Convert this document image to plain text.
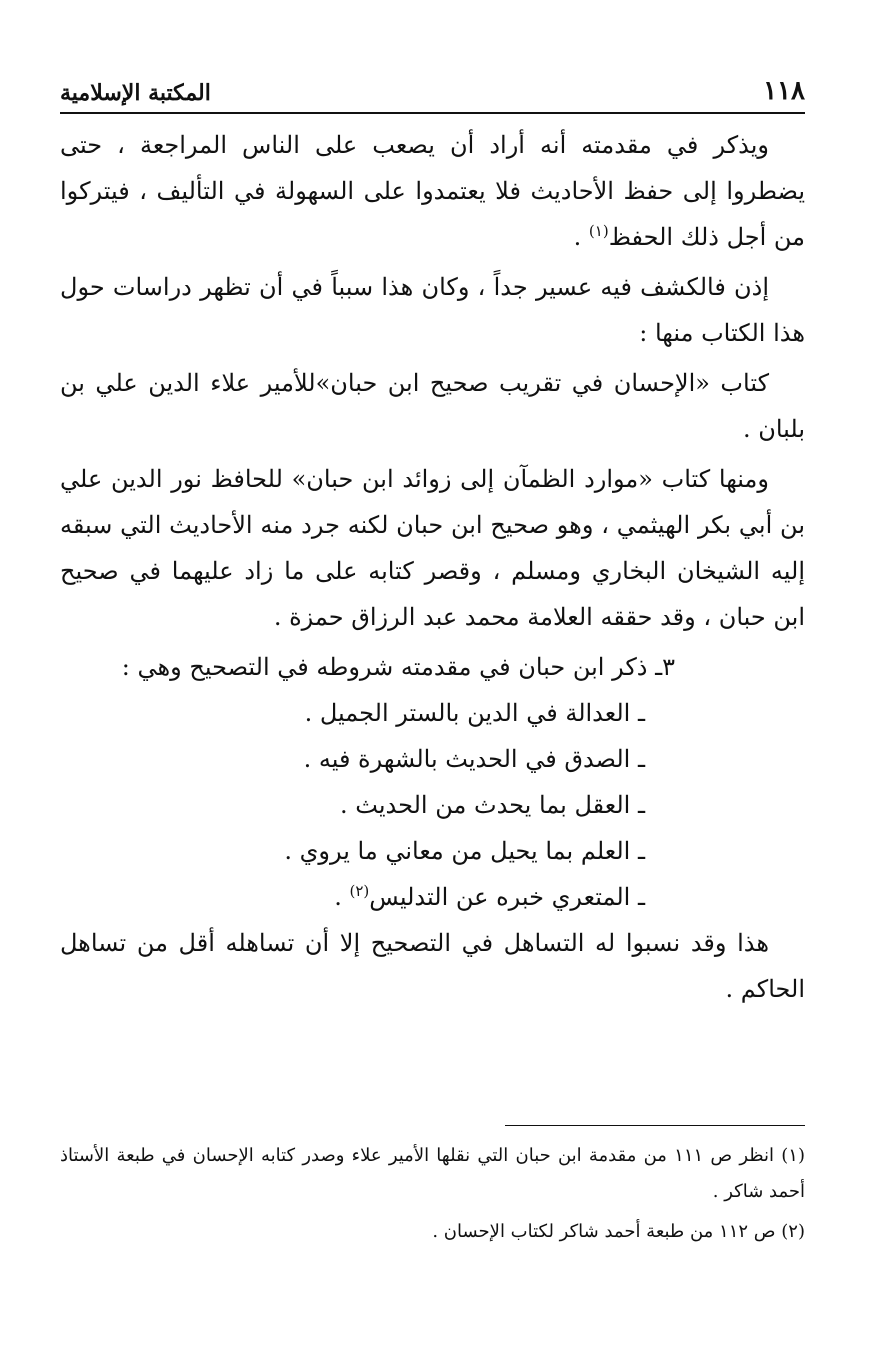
١١٨
المكتبة الإسلامية

ويذكر في مقدمته أنه أراد أن يصعب على الناس المراجعة ، حتى يضطروا إلى حفظ الأحاديث فلا يعتمدوا على السهولة في التأليف ، فيتركوا من أجل ذلك الحفظ$^{(١)}$ .

إذن فالكشف فيه عسير جداً ، وكان هذا سبباً في أن تظهر دراسات حول هذا الكتاب منها :

كتاب «الإحسان في تقريب صحيح ابن حبان»للأمير علاء الدين علي بن بلبان .

ومنها كتاب «موارد الظمآن إلى زوائد ابن حبان» للحافظ نور الدين علي بن أبي بكر الهيثمي ، وهو صحيح ابن حبان لكنه جرد منه الأحاديث التي سبقه إليه الشيخان البخاري ومسلم ، وقصر كتابه على ما زاد عليهما في صحيح ابن حبان ، وقد حققه العلامة محمد عبد الرزاق حمزة .

٣ـ ذكر ابن حبان في مقدمته شروطه في التصحيح وهي :
ـ العدالة في الدين بالستر الجميل .
ـ الصدق في الحديث بالشهرة فيه .
ـ العقل بما يحدث من الحديث .
ـ العلم بما يحيل من معاني ما يروي .
ـ المتعري خبره عن التدليس$^{(٢)}$ .

هذا وقد نسبوا له التساهل في التصحيح إلا أن تساهله أقل من تساهل الحاكم .

(١) انظر ص ١١١ من مقدمة ابن حبان التي نقلها الأمير علاء وصدر كتابه الإحسان في طبعة الأستاذ أحمد شاكر .

(٢) ص ١١٢ من طبعة أحمد شاكر لكتاب الإحسان .
